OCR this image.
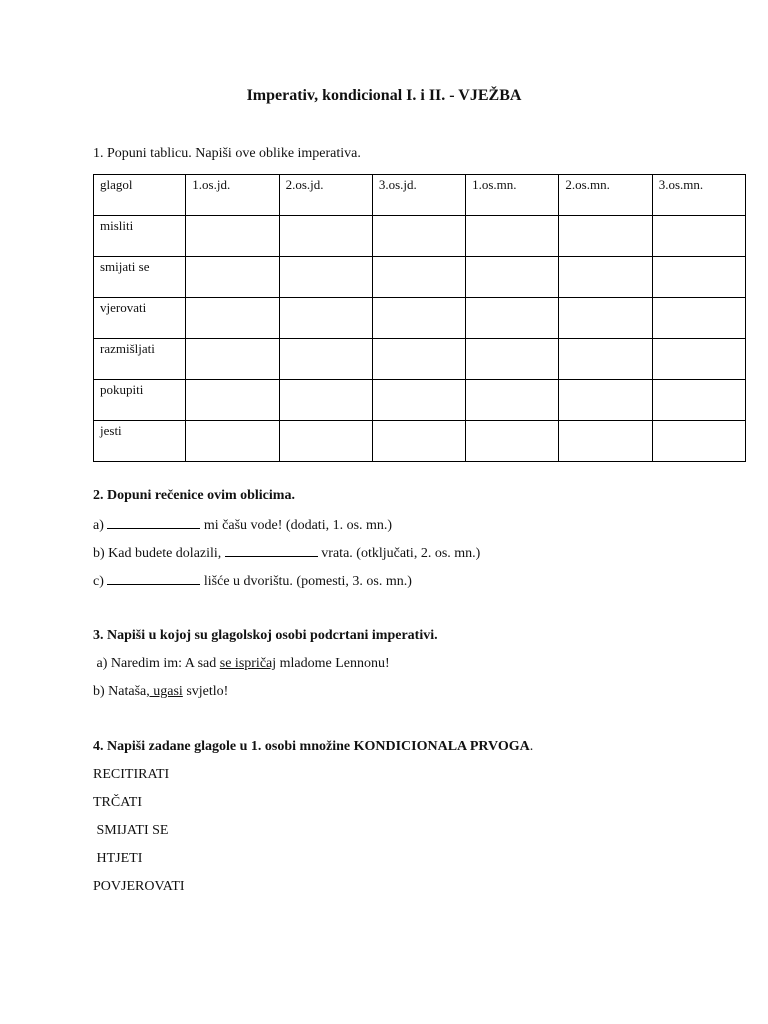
Imperativ, kondicional I. i II. - VJEŽBA
1. Popuni tablicu. Napiši ove oblike imperativa.
glagol	1.os.jd.	2.os.jd.	3.os.jd.	1.os.mn.	2.os.mn.	3.os.mn.
misliti						
smijati se						
vjerovati						
razmišljati						
pokupiti						
jesti						
2. Dopuni rečenice ovim oblicima.
a)	mi čašu vode! (dodati, 1. os. mn.)
b) Kad budete dolazili,	vrata. (otključati, 2. os. mn.)
c)	lišće u dvorištu. (pomesti, 3. os. mn.)
3. Napiši u kojoj su glagolskoj osobi podcrtani imperativi.
a) Naredim im: A sad se ispričaj mladome Lennonu!
b) Nataša, ugasi svjetlo!
4. Napiši zadane glagole u 1. osobi množine KONDICIONALA PRVOGA.
RECITIRATI
TRČATI
SMIJATI SE
HTJETI
POVJEROVATI
